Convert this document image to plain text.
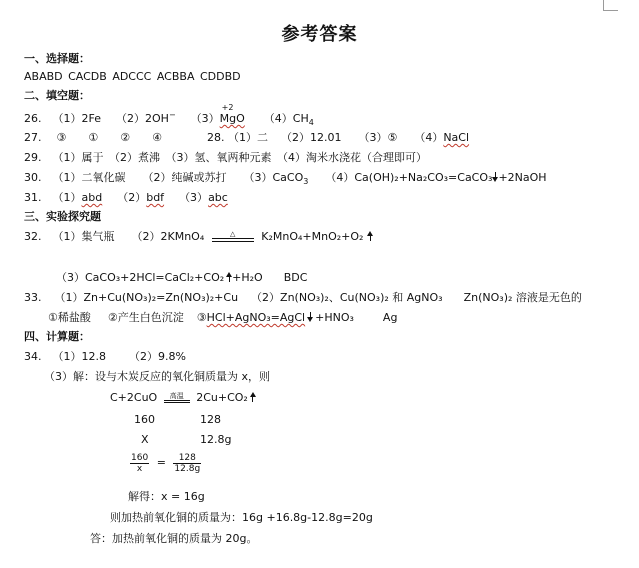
参考答案
一、选择题：
ABABD CACDB ADCCC ACBBA CDDBD
二、填空题：
26. （1）2Fe （2）2OH− （3）
+2
MgO $(4)CH_4$
27. ③　　①　　②　　④	28. （1）二 （2）12.01 （3）⑤ （4）NaCl
29. （1）属于　（2）煮沸　（3）氢、氧两种元素　（4）淘米水浇花（合理即可）
30. （1）二氧化碳 （2）纯碱或苏打 （3）CaCO$_3$ （4）Ca(OH)₂+Na₂CO₃=CaCO₃ +2NaOH
31. （1）abd （2）bdf （3）abc
三、实验探究题
32. （1）集气瓶 （2）2KMnO₄	△	K₂MnO₄+MnO₂+O₂
（3）CaCO₃+2HCl=CaCl₂+CO₂ +H₂O BDC
33. （1）Zn+Cu(NO₃)₂=Zn(NO₃)₂+Cu （2）Zn(NO₃)₂、Cu(NO₃)₂ 和 AgNO₃ Zn(NO₃)₂ 溶液是无色的
①稀盐酸 ②产生白色沉淀 ③HCl+AgNO₃=AgCl +HNO₃	Ag
四、计算题：
34. （1）12.8 （2）9.8%
（3）解：设与木炭反应的氧化铜质量为 x，则
C+2CuO	高温	2Cu+CO₂
160	128
X	12.8g
$\frac{160}{x} = \frac{128}{12.8g}$
解得：x = 16g
则加热前氧化铜的质量为：16g +16.8g-12.8g=20g
答：加热前氧化铜的质量为 20g。
